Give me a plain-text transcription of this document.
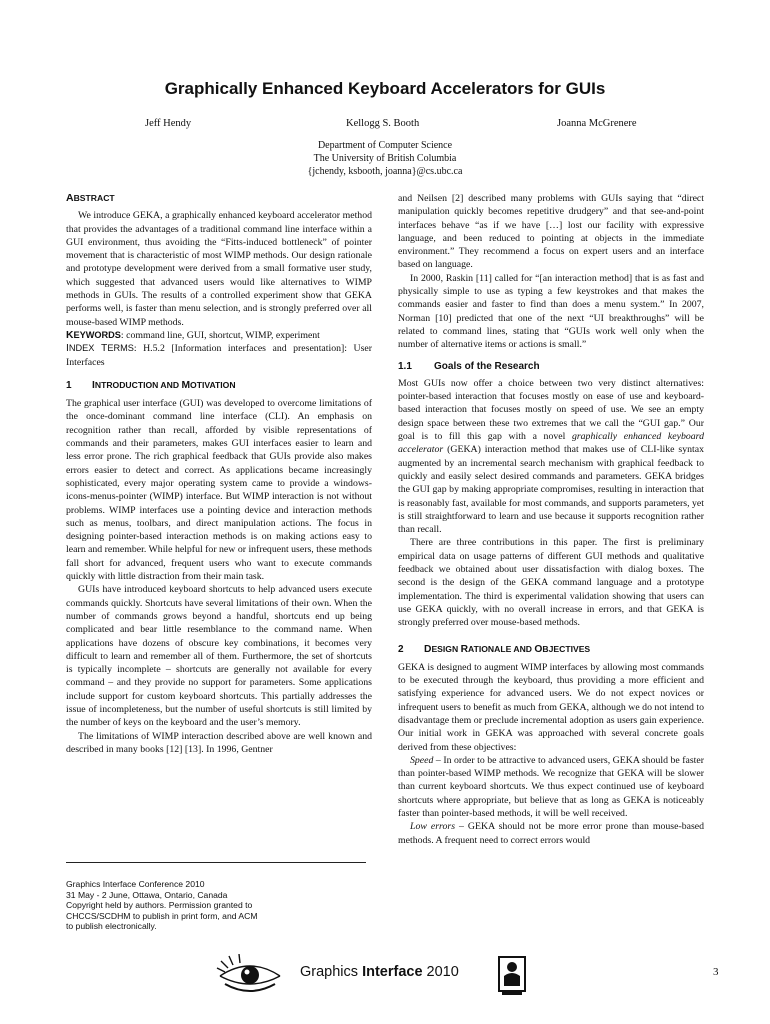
Graphically Enhanced Keyboard Accelerators for GUIs
Jeff Hendy	Kellogg S. Booth	Joanna McGrenere
Department of Computer Science
The University of British Columbia
{jchendy, ksbooth, joanna}@cs.ubc.ca
ABSTRACT

We introduce GEKA, a graphically enhanced keyboard accelerator method that provides the advantages of a traditional command line interface within a GUI environment, thus avoiding the “Fitts-induced bottleneck” of pointer movement that is characteristic of most WIMP methods. Our design rationale and prototype development were derived from a small formative user study, which suggested that advanced users would like alternatives to WIMP methods in GUIs. The results of a controlled experiment show that GEKA performs well, is faster than menu selection, and is strongly preferred over all mouse-based WIMP methods.

KEYWORDS: command line, GUI, shortcut, WIMP, experiment

INDEX TERMS: H.5.2 [Information interfaces and presentation]: User Interfaces

1 INTRODUCTION AND MOTIVATION

The graphical user interface (GUI) was developed to overcome limitations of the once-dominant command line interface (CLI). An emphasis on recognition rather than recall, afforded by visible representations of commands and their parameters, makes GUI interfaces easier to learn and less error prone. The rich graphical feedback that GUIs provide also makes errors easier to detect and correct. As applications became increasingly sophisticated, every major operating system came to provide a windows-icons-menus-pointer (WIMP) interface. But WIMP interaction is not without problems. WIMP interfaces use a pointing device and interaction methods such as menus, toolbars, and direct manipulation actions. The focus in designing pointer-based interaction methods is on making actions easy to learn and remember. While helpful for new or infrequent users, these methods fall short for advanced, frequent users who want to execute commands quickly with little distraction from their main task.

GUIs have introduced keyboard shortcuts to help advanced users execute commands quickly. Shortcuts have several limitations of their own. When the number of commands grows beyond a handful, shortcuts end up being complicated and bear little resemblance to the command name. When applications have dozens of obscure key combinations, it becomes very difficult to learn and remember all of them. Furthermore, the set of shortcuts is typically incomplete – shortcuts are generally not available for every command – and they provide no support for parameters. Some applications include support for custom keyboard shortcuts. This partially addresses the issue of incompleteness, but the number of useful shortcuts is still limited by the number of keys on the keyboard and the user’s memory.

The limitations of WIMP interaction described above are well known and described in many books [12] [13]. In 1996, Gentner

Graphics Interface Conference 2010
31 May - 2 June, Ottawa, Ontario, Canada
Copyright held by authors. Permission granted to
CHCCS/SCDHM to publish in print form, and ACM
to publish electronically.

and Neilsen [2] described many problems with GUIs saying that “direct manipulation quickly becomes repetitive drudgery” and that see-and-point interfaces behave “as if we have […] lost our facility with expressive language, and been reduced to pointing at objects in the immediate environment.” They recommend a focus on expert users and an interface based on language.

In 2000, Raskin [11] called for “[an interaction method] that is as fast and physically simple to use as typing a few keystrokes and that makes the commands easier and faster to find than does a menu system.” In 2007, Norman [10] predicted that one of the next “UI breakthroughs” will be related to command lines, stating that “GUIs work well only when the number of alternative items or actions is small.”

1.1 Goals of the Research

Most GUIs now offer a choice between two very distinct alternatives: pointer-based interaction that focuses mostly on ease of use and keyboard-based interaction that focuses mostly on speed of use. We see an empty design space between these two extremes that we call the “GUI gap.” Our goal is to fill this gap with a novel graphically enhanced keyboard accelerator (GEKA) interaction method that makes use of CLI-like syntax augmented by an incremental search mechanism with graphical feedback to quickly and easily select desired commands and parameters. GEKA bridges the GUI gap by making appropriate compromises, resulting in interaction that is reasonably fast, available for most commands, and supports parameters, yet is still straightforward to learn and use because it supports recognition rather than recall.

There are three contributions in this paper. The first is preliminary empirical data on usage patterns of different GUI methods and qualitative feedback we obtained about user dissatisfaction with dialog boxes. The second is the design of the GEKA command language and a prototype implementation. The third is experimental validation showing that users can use GEKA quickly, with no overall increase in errors, and that GEKA is strongly preferred over mouse-based methods.

2 DESIGN RATIONALE AND OBJECTIVES

GEKA is designed to augment WIMP interfaces by allowing most commands to be executed through the keyboard, thus providing a more efficient and satisfying experience for advanced users. We do not expect novices or infrequent users to benefit as much from GEKA, although we do not intend to disadvantage them or preclude incremental adoption as users gain experience. Our initial work in GEKA was approached with several concrete goals derived from these objectives:

Speed – In order to be attractive to advanced users, GEKA should be faster than pointer-based WIMP methods. We recognize that GEKA will be slower than current keyboard shortcuts. We thus expect continued use of keyboard shortcuts where appropriate, but believe that as long as GEKA is noticeably faster than pointer-based methods, it will be well received.

Low errors – GEKA should not be more error prone than mouse-based methods. A frequent need to correct errors would

Graphics Interface 2010	3
